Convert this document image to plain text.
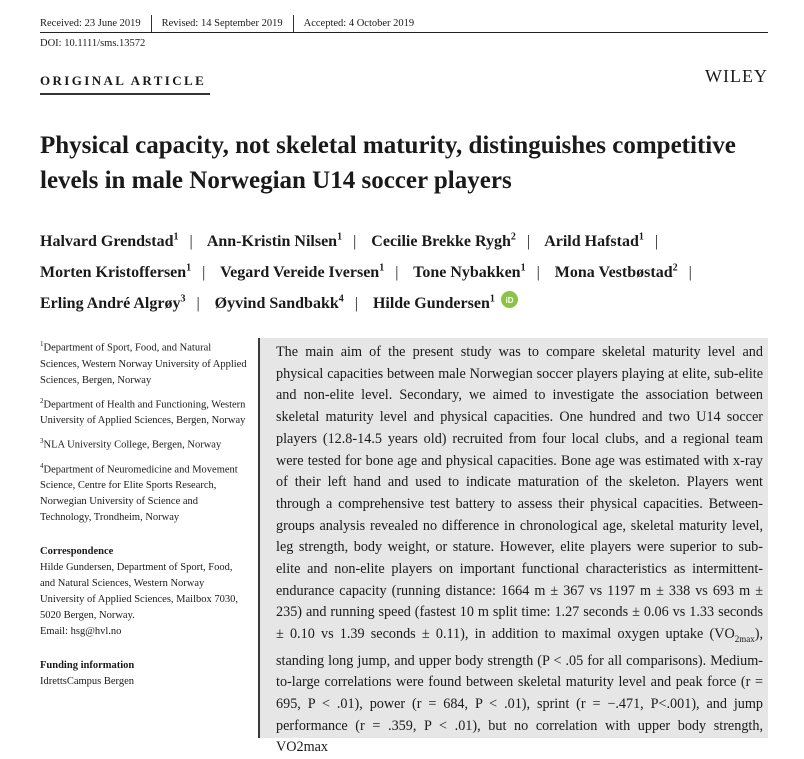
Received: 23 June 2019 Revised: 14 September 2019 Accepted: 4 October 2019
DOI: 10.1111/sms.13572
ORIGINAL ARTICLE	WILEY
Physical capacity, not skeletal maturity, distinguishes competitive levels in male Norwegian U14 soccer players
Halvard Grendstad$^1$ | Ann-Kristin Nilsen$^1$ | Cecilie Brekke Rygh$^2$ | Arild Hafstad$^1$ |
Morten Kristoffersen$^1$ | Vegard Vereide Iversen$^1$ | Tone Nybakken$^1$ | Mona Vestbøstad$^2$ |
Erling André Algrøy$^3$ | Øyvind Sandbakk$^4$ | Hilde Gundersen$^1$ iD
$^1$Department of Sport, Food, and Natural Sciences, Western Norway University of Applied Sciences, Bergen, Norway
$^2$Department of Health and Functioning, Western University of Applied Sciences, Bergen, Norway
$^3$NLA University College, Bergen, Norway
$^4$Department of Neuromedicine and Movement Science, Centre for Elite Sports Research, Norwegian University of Science and Technology, Trondheim, Norway
Correspondence
Hilde Gundersen, Department of Sport, Food, and Natural Sciences, Western Norway University of Applied Sciences, Mailbox 7030, 5020 Bergen, Norway.
Email: hsg@hvl.no
Funding information
IdrettsCampus Bergen

The main aim of the present study was to compare skeletal maturity level and physical capacities between male Norwegian soccer players playing at elite, sub-elite and non-elite level. Secondary, we aimed to investigate the association between skeletal maturity level and physical capacities. One hundred and two U14 soccer players (12.8-14.5 years old) recruited from four local clubs, and a regional team were tested for bone age and physical capacities. Bone age was estimated with x-ray of their left hand and used to indicate maturation of the skeleton. Players went through a comprehensive test battery to assess their physical capacities. Between-groups analysis revealed no difference in chronological age, skeletal maturity level, leg strength, body weight, or stature. However, elite players were superior to sub-elite and non-elite players on important functional characteristics as intermittent-endurance capacity (running distance: 1664 m ± 367 vs 1197 m ± 338 vs 693 m ± 235) and running speed (fastest 10 m split time: 1.27 seconds ± 0.06 vs 1.33 seconds ± 0.10 vs 1.39 seconds ± 0.11), in addition to maximal oxygen uptake $(VO_{2max})$, standing long jump, and upper body strength (P < .05 for all comparisons). Medium-to-large correlations were found between skeletal maturity level and peak force (r = 695, P < .01), power (r = 684, P < .01), sprint (r = −.471, P<.001), and jump performance (r = .359, P < .01), but no correlation with upper body strength, VO2max
